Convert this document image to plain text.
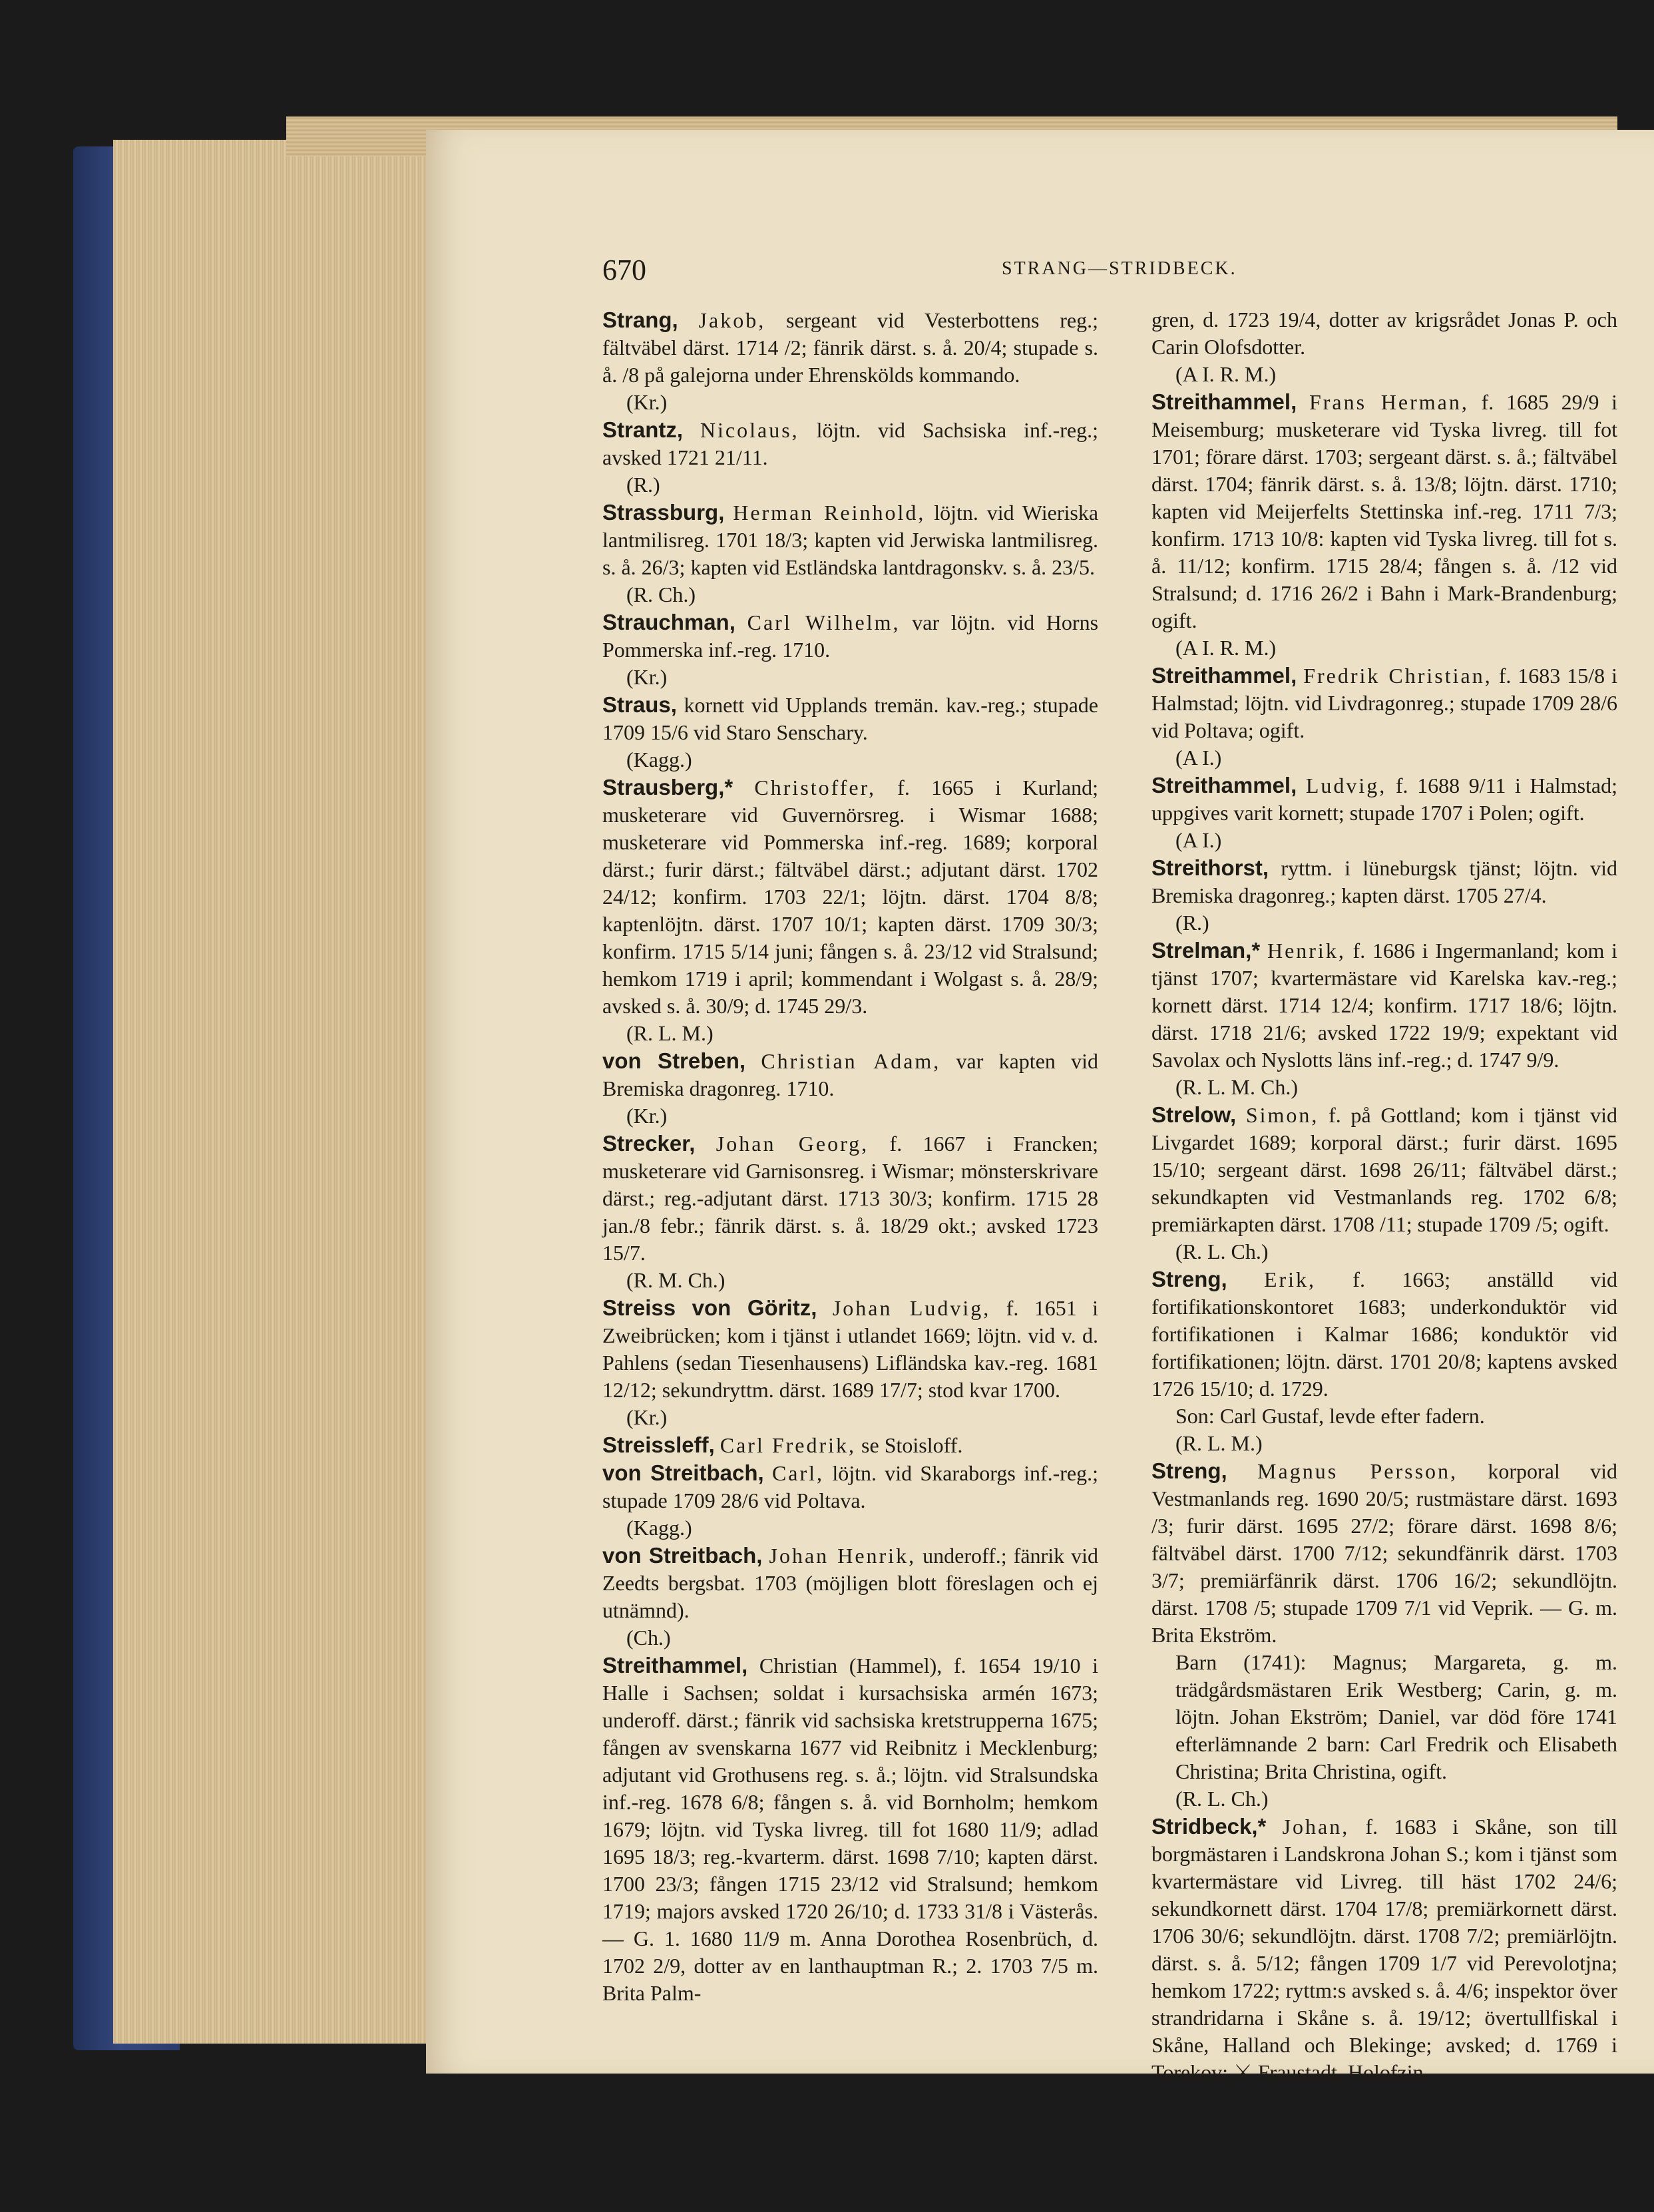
670	STRANG—STRIDBECK.

Strang, Jakob, sergeant vid Vesterbottens reg.; fältväbel därst. 1714 /2; fänrik därst. s. å. 20/4; stupade s. å. /8 på galejorna under Ehrenskölds kommando.

(Kr.)

Strantz, Nicolaus, löjtn. vid Sachsiska inf.-reg.; avsked 1721 21/11.

(R.)

Strassburg, Herman Reinhold, löjtn. vid Wieriska lantmilisreg. 1701 18/3; kapten vid Jerwiska lantmilisreg. s. å. 26/3; kapten vid Estländska lantdragonskv. s. å. 23/5.

(R. Ch.)

Strauchman, Carl Wilhelm, var löjtn. vid Horns Pommerska inf.-reg. 1710.

(Kr.)

Straus, kornett vid Upplands tremän. kav.-reg.; stupade 1709 15/6 vid Staro Senschary.

(Kagg.)

Strausberg,* Christoffer, f. 1665 i Kurland; musketerare vid Guvernörsreg. i Wismar 1688; musketerare vid Pommerska inf.-reg. 1689; korporal därst.; furir därst.; fältväbel därst.; adjutant därst. 1702 24/12; konfirm. 1703 22/1; löjtn. därst. 1704 8/8; kaptenlöjtn. därst. 1707 10/1; kapten därst. 1709 30/3; konfirm. 1715 5/14 juni; fången s. å. 23/12 vid Stralsund; hemkom 1719 i april; kommendant i Wolgast s. å. 28/9; avsked s. å. 30/9; d. 1745 29/3.

(R. L. M.)

von Streben, Christian Adam, var kapten vid Bremiska dragonreg. 1710.

(Kr.)

Strecker, Johan Georg, f. 1667 i Francken; musketerare vid Garnisonsreg. i Wismar; mönsterskrivare därst.; reg.-adjutant därst. 1713 30/3; konfirm. 1715 28 jan./8 febr.; fänrik därst. s. å. 18/29 okt.; avsked 1723 15/7.

(R. M. Ch.)

Streiss von Göritz, Johan Ludvig, f. 1651 i Zweibrücken; kom i tjänst i utlandet 1669; löjtn. vid v. d. Pahlens (sedan Tiesenhausens) Lifländska kav.-reg. 1681 12/12; sekundryttm. därst. 1689 17/7; stod kvar 1700.

(Kr.)

Streissleff, Carl Fredrik, se Stoisloff.

von Streitbach, Carl, löjtn. vid Skaraborgs inf.-reg.; stupade 1709 28/6 vid Poltava.

(Kagg.)

von Streitbach, Johan Henrik, underoff.; fänrik vid Zeedts bergsbat. 1703 (möjligen blott föreslagen och ej utnämnd).

(Ch.)

Streithammel, Christian (Hammel), f. 1654 19/10 i Halle i Sachsen; soldat i kursachsiska armén 1673; underoff. därst.; fänrik vid sachsiska kretstrupperna 1675; fången av svenskarna 1677 vid Reibnitz i Mecklenburg; adjutant vid Grothusens reg. s. å.; löjtn. vid Stralsundska inf.-reg. 1678 6/8; fången s. å. vid Bornholm; hemkom 1679; löjtn. vid Tyska livreg. till fot 1680 11/9; adlad 1695 18/3; reg.-kvarterm. därst. 1698 7/10; kapten därst. 1700 23/3; fången 1715 23/12 vid Stralsund; hemkom 1719; majors avsked 1720 26/10; d. 1733 31/8 i Västerås. — G. 1. 1680 11/9 m. Anna Dorothea Rosenbrüch, d. 1702 2/9, dotter av en lanthauptman R.; 2. 1703 7/5 m. Brita Palm-

gren, d. 1723 19/4, dotter av krigsrådet Jonas P. och Carin Olofsdotter.

(A I. R. M.)

Streithammel, Frans Herman, f. 1685 29/9 i Meisemburg; musketerare vid Tyska livreg. till fot 1701; förare därst. 1703; sergeant därst. s. å.; fältväbel därst. 1704; fänrik därst. s. å. 13/8; löjtn. därst. 1710; kapten vid Meijerfelts Stettinska inf.-reg. 1711 7/3; konfirm. 1713 10/8: kapten vid Tyska livreg. till fot s. å. 11/12; konfirm. 1715 28/4; fången s. å. /12 vid Stralsund; d. 1716 26/2 i Bahn i Mark-Brandenburg; ogift.

(A I. R. M.)

Streithammel, Fredrik Christian, f. 1683 15/8 i Halmstad; löjtn. vid Livdragonreg.; stupade 1709 28/6 vid Poltava; ogift.

(A I.)

Streithammel, Ludvig, f. 1688 9/11 i Halmstad; uppgives varit kornett; stupade 1707 i Polen; ogift.

(A I.)

Streithorst, ryttm. i lüneburgsk tjänst; löjtn. vid Bremiska dragonreg.; kapten därst. 1705 27/4.

(R.)

Strelman,* Henrik, f. 1686 i Ingermanland; kom i tjänst 1707; kvartermästare vid Karelska kav.-reg.; kornett därst. 1714 12/4; konfirm. 1717 18/6; löjtn. därst. 1718 21/6; avsked 1722 19/9; expektant vid Savolax och Nyslotts läns inf.-reg.; d. 1747 9/9.

(R. L. M. Ch.)

Strelow, Simon, f. på Gottland; kom i tjänst vid Livgardet 1689; korporal därst.; furir därst. 1695 15/10; sergeant därst. 1698 26/11; fältväbel därst.; sekundkapten vid Vestmanlands reg. 1702 6/8; premiärkapten därst. 1708 /11; stupade 1709 /5; ogift.

(R. L. Ch.)

Streng, Erik, f. 1663; anställd vid fortifikationskontoret 1683; underkonduktör vid fortifikationen i Kalmar 1686; konduktör vid fortifikationen; löjtn. därst. 1701 20/8; kaptens avsked 1726 15/10; d. 1729.

Son: Carl Gustaf, levde efter fadern.

(R. L. M.)

Streng, Magnus Persson, korporal vid Vestmanlands reg. 1690 20/5; rustmästare därst. 1693 /3; furir därst. 1695 27/2; förare därst. 1698 8/6; fältväbel därst. 1700 7/12; sekundfänrik därst. 1703 3/7; premiärfänrik därst. 1706 16/2; sekundlöjtn. därst. 1708 /5; stupade 1709 7/1 vid Veprik. — G. m. Brita Ekström.

Barn (1741): Magnus; Margareta, g. m. trädgårdsmästaren Erik Westberg; Carin, g. m. löjtn. Johan Ekström; Daniel, var död före 1741 efterlämnande 2 barn: Carl Fredrik och Elisabeth Christina; Brita Christina, ogift.

(R. L. Ch.)

Stridbeck,* Johan, f. 1683 i Skåne, son till borgmästaren i Landskrona Johan S.; kom i tjänst som kvartermästare vid Livreg. till häst 1702 24/6; sekundkornett därst. 1704 17/8; premiärkornett därst. 1706 30/6; sekundlöjtn. därst. 1708 7/2; premiärlöjtn. därst. s. å. 5/12; fången 1709 1/7 vid Perevolotjna; hemkom 1722; ryttm:s avsked s. å. 4/6; inspektor över strandridarna i Skåne s. å. 19/12; övertullfiskal i Skåne, Halland och Blekinge; avsked; d. 1769 i Torekov; ⚔ Fraustadt, Holofzin,
